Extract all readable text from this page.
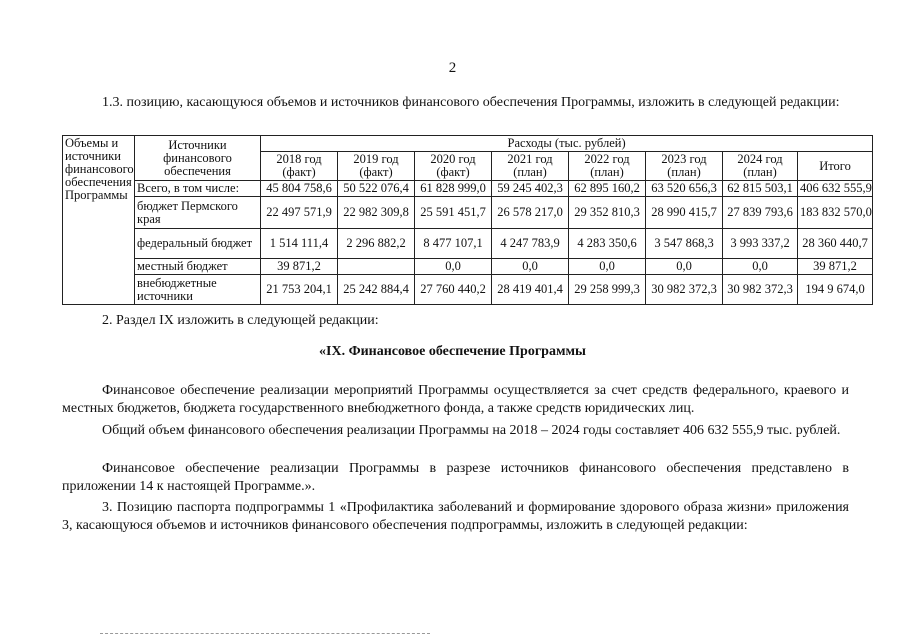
2

1.3. позицию, касающуюся объемов и источников финансового обеспечения Программы, изложить в следующей редакции:

Объемы и источники финансового обеспечения Программы	Источники финансового обеспечения	Расходы (тыс. рублей)							
		2018 год (факт)	2019 год (факт)	2020 год (факт)	2021 год (план)	2022 год (план)	2023 год (план)	2024 год (план)	Итого
	Всего, в том числе:	45 804 758,6	50 522 076,4	61 828 999,0	59 245 402,3	62 895 160,2	63 520 656,3	62 815 503,1	406 632 555,9
	бюджет Пермского края	22 497 571,9	22 982 309,8	25 591 451,7	26 578 217,0	29 352 810,3	28 990 415,7	27 839 793,6	183 832 570,0
	федеральный бюджет	1 514 111,4	2 296 882,2	8 477 107,1	4 247 783,9	4 283 350,6	3 547 868,3	3 993 337,2	28 360 440,7
	местный бюджет	39 871,2		0,0	0,0	0,0	0,0	0,0	39 871,2
	внебюджетные источники	21 753 204,1	25 242 884,4	27 760 440,2	28 419 401,4	29 258 999,3	30 982 372,3	30 982 372,3	194 9 674,0

2. Раздел IX изложить в следующей редакции:

«IX. Финансовое обеспечение Программы

Финансовое обеспечение реализации мероприятий Программы осуществляется за счет средств федерального, краевого и местных бюджетов, бюджета государственного внебюджетного фонда, а также средств юридических лиц.

Общий объем финансового обеспечения реализации Программы на 2018 – 2024 годы составляет 406 632 555,9 тыс. рублей.

Финансовое обеспечение реализации Программы в разрезе источников финансового обеспечения представлено в приложении 14 к настоящей Программе.».

3. Позицию паспорта подпрограммы 1 «Профилактика заболеваний и формирование здорового образа жизни» приложения 3, касающуюся объемов и источников финансового обеспечения подпрограммы, изложить в следующей редакции:
